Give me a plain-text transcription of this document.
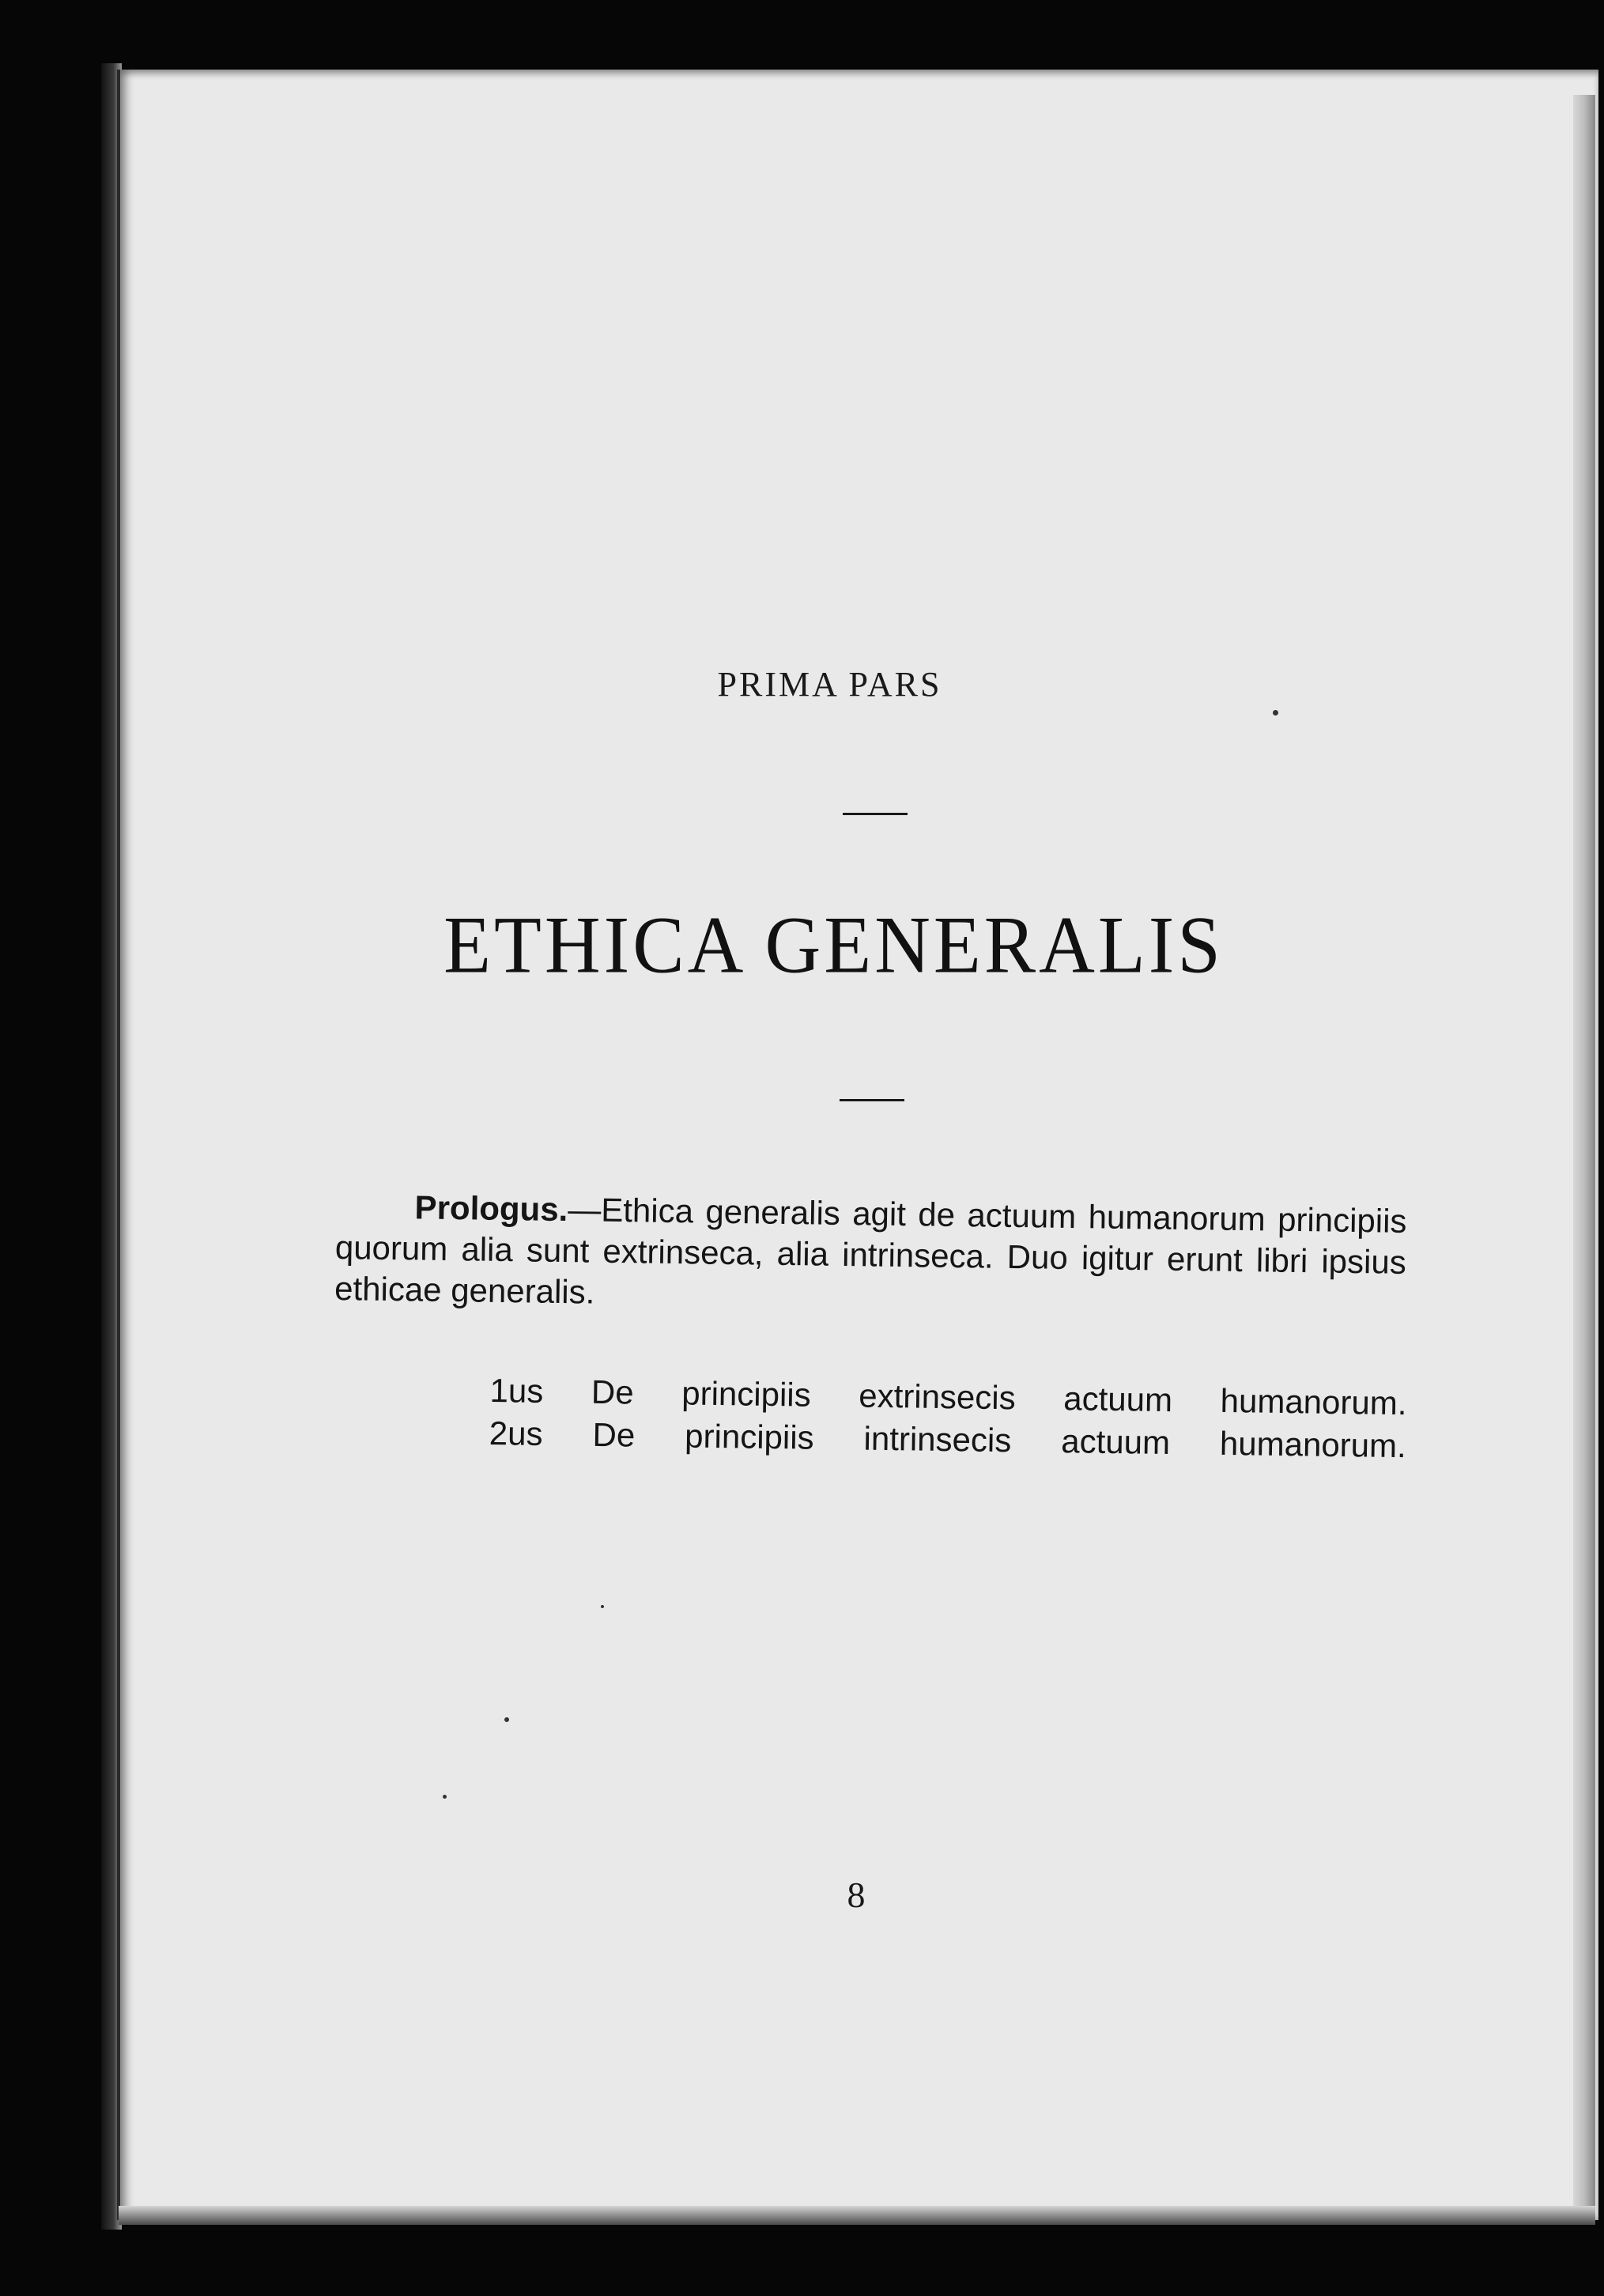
PRIMA PARS
ETHICA GENERALIS
Prologus.—Ethica generalis agit de actuum humanorum principiis quorum alia sunt extrinseca, alia intrinseca. Duo igitur erunt libri ipsius ethicae generalis.
1us De principiis extrinsecis actuum humanorum.
2us De principiis intrinsecis actuum humanorum.
8
